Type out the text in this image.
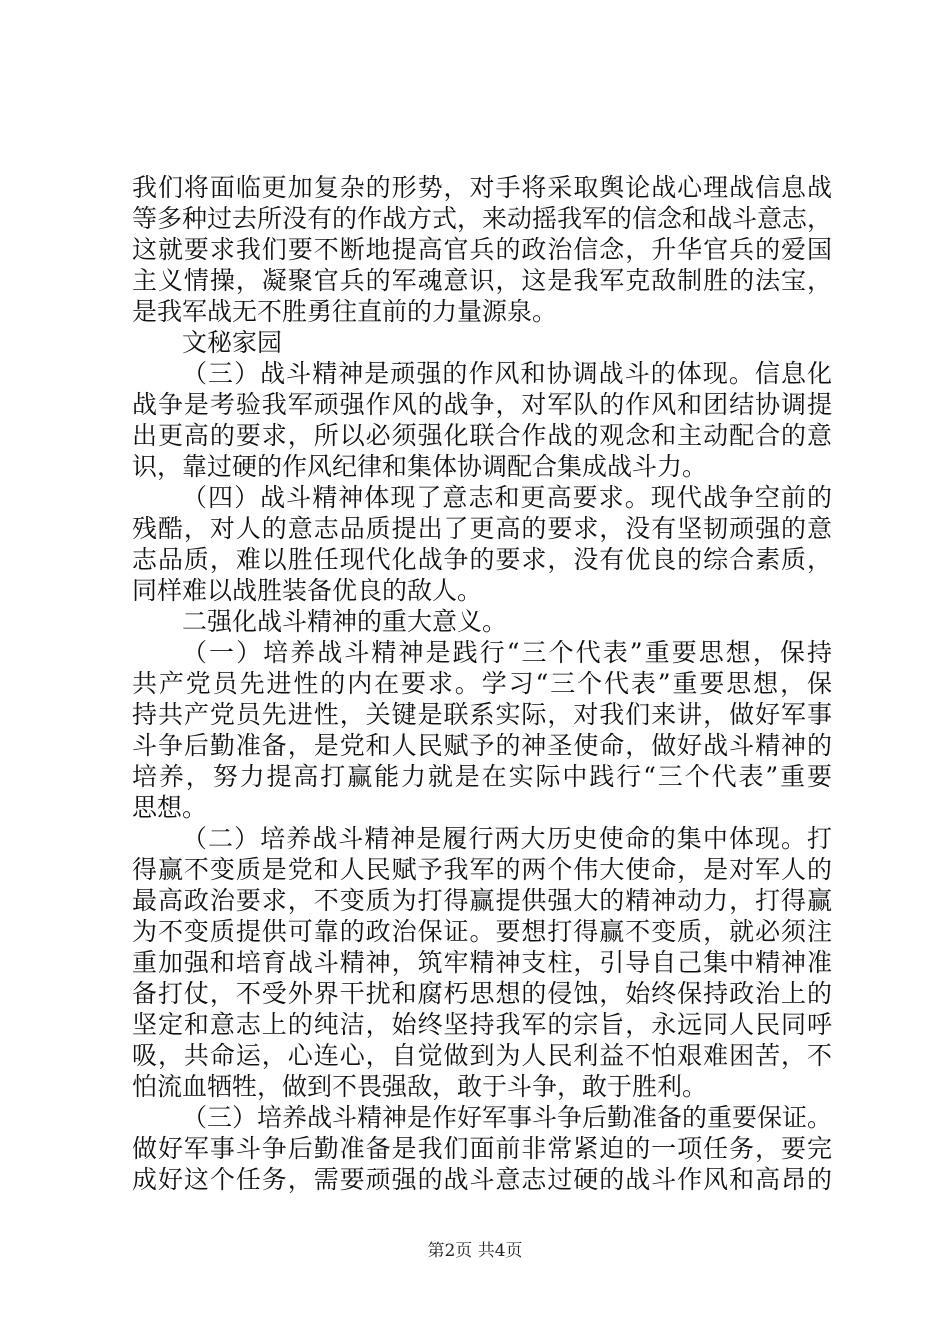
我们将面临更加复杂的形势，对手将采取舆论战心理战信息战
等多种过去所没有的作战方式，来动摇我军的信念和战斗意志，
这就要求我们要不断地提高官兵的政治信念，升华官兵的爱国
主义情操，凝聚官兵的军魂意识，这是我军克敌制胜的法宝，
是我军战无不胜勇往直前的力量源泉。
文秘家园
（三）战斗精神是顽强的作风和协调战斗的体现。信息化
战争是考验我军顽强作风的战争，对军队的作风和团结协调提
出更高的要求，所以必须强化联合作战的观念和主动配合的意
识，靠过硬的作风纪律和集体协调配合集成战斗力。
（四）战斗精神体现了意志和更高要求。现代战争空前的
残酷，对人的意志品质提出了更高的要求，没有坚韧顽强的意
志品质，难以胜任现代化战争的要求，没有优良的综合素质，
同样难以战胜装备优良的敌人。
二强化战斗精神的重大意义。
（一）培养战斗精神是践行“三个代表”重要思想，保持
共产党员先进性的内在要求。学习“三个代表”重要思想，保
持共产党员先进性，关键是联系实际，对我们来讲，做好军事
斗争后勤准备，是党和人民赋予的神圣使命，做好战斗精神的
培养，努力提高打赢能力就是在实际中践行“三个代表”重要
思想。
（二）培养战斗精神是履行两大历史使命的集中体现。打
得赢不变质是党和人民赋予我军的两个伟大使命，是对军人的
最高政治要求，不变质为打得赢提供强大的精神动力，打得赢
为不变质提供可靠的政治保证。要想打得赢不变质，就必须注
重加强和培育战斗精神，筑牢精神支柱，引导自己集中精神准
备打仗，不受外界干扰和腐朽思想的侵蚀，始终保持政治上的
坚定和意志上的纯洁，始终坚持我军的宗旨，永远同人民同呼
吸，共命运，心连心，自觉做到为人民利益不怕艰难困苦，不
怕流血牺牲，做到不畏强敌，敢于斗争，敢于胜利。
（三）培养战斗精神是作好军事斗争后勤准备的重要保证。
做好军事斗争后勤准备是我们面前非常紧迫的一项任务，要完
成好这个任务，需要顽强的战斗意志过硬的战斗作风和高昂的
第2页 共4页
